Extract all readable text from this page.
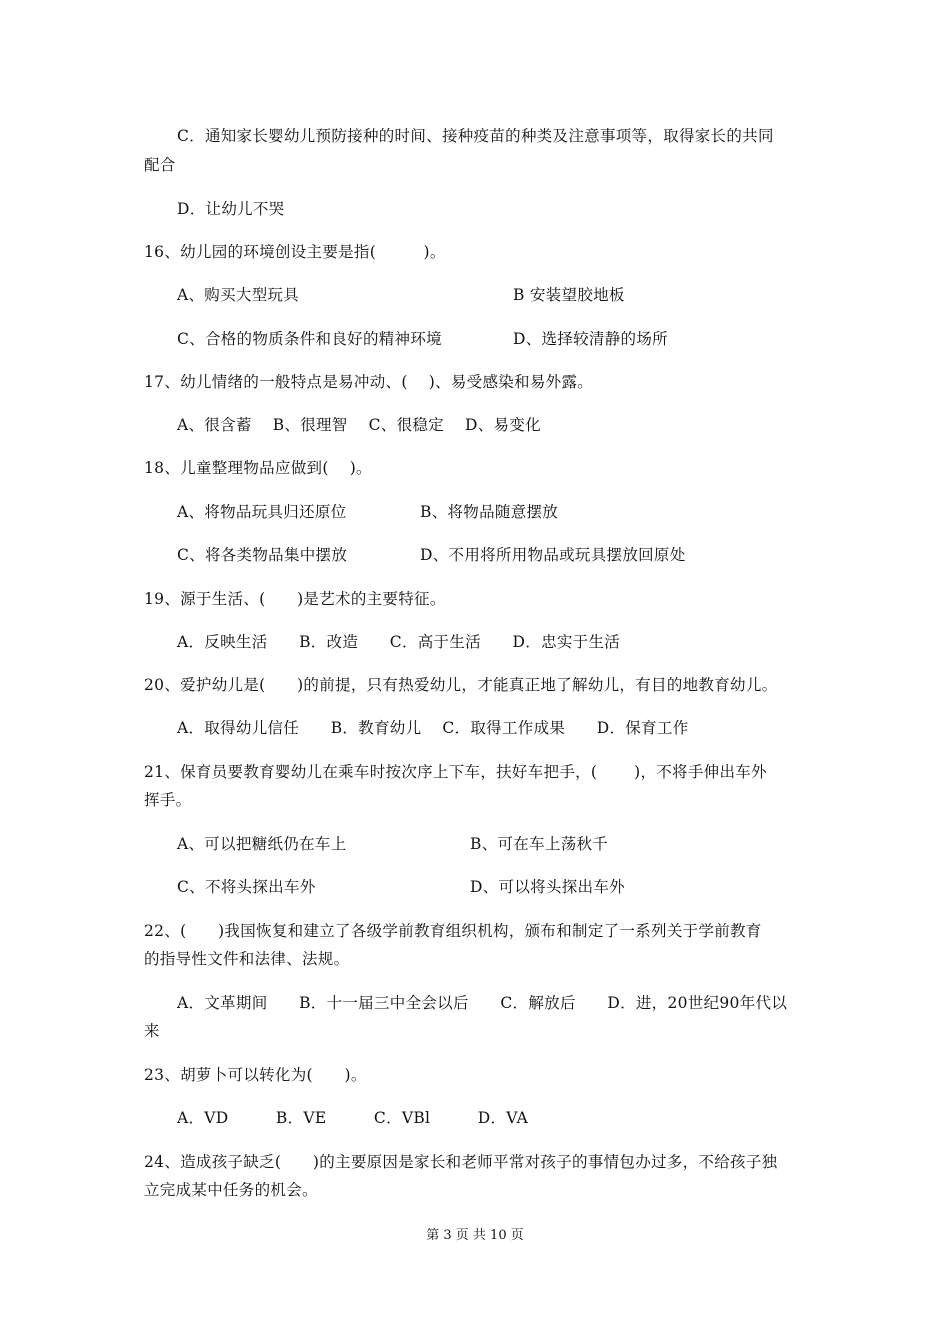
C．通知家长婴幼儿预防接种的时间、接种疫苗的种类及注意事项等，取得家长的共同
配合
D．让幼儿不哭
16、幼儿园的环境创设主要是指(　　　)。
A、购买大型玩具	B 安装望胶地板
C、合格的物质条件和良好的精神环境	D、选择较清静的场所
17、幼儿情绪的一般特点是易冲动、(　 )、易受感染和易外露。
A、很含蓄　 B、很理智　 C、很稳定　 D、易变化
18、儿童整理物品应做到(　 )。
A、将物品玩具归还原位	B、将物品随意摆放
C、将各类物品集中摆放	D、不用将所用物品或玩具摆放回原处
19、源于生活、(　　)是艺术的主要特征。
A．反映生活　　B．改造　　C．高于生活　　D．忠实于生活
20、爱护幼儿是(　　)的前提，只有热爱幼儿，才能真正地了解幼儿，有目的地教育幼儿。
A．取得幼儿信任　　B．教育幼儿　 C．取得工作成果　　D．保育工作
21、保育员要教育婴幼儿在乘车时按次序上下车，扶好车把手，(　　 )，不将手伸出车外
挥手。
A、可以把糖纸仍在车上	B、可在车上荡秋千
C、不将头探出车外	D、可以将头探出车外
22、(　　)我国恢复和建立了各级学前教育组织机构，颁布和制定了一系列关于学前教育
的指导性文件和法律、法规。
A．文革期间　　B．十一届三中全会以后　　C．解放后　　D．进，20世纪90年代以
来
23、胡萝卜可以转化为(　　)。
A．VD　　　B．VE　　　C．VBl　　　D．VA
24、造成孩子缺乏(　　)的主要原因是家长和老师平常对孩子的事情包办过多，不给孩子独
立完成某中任务的机会。
第 3 页 共 10 页
